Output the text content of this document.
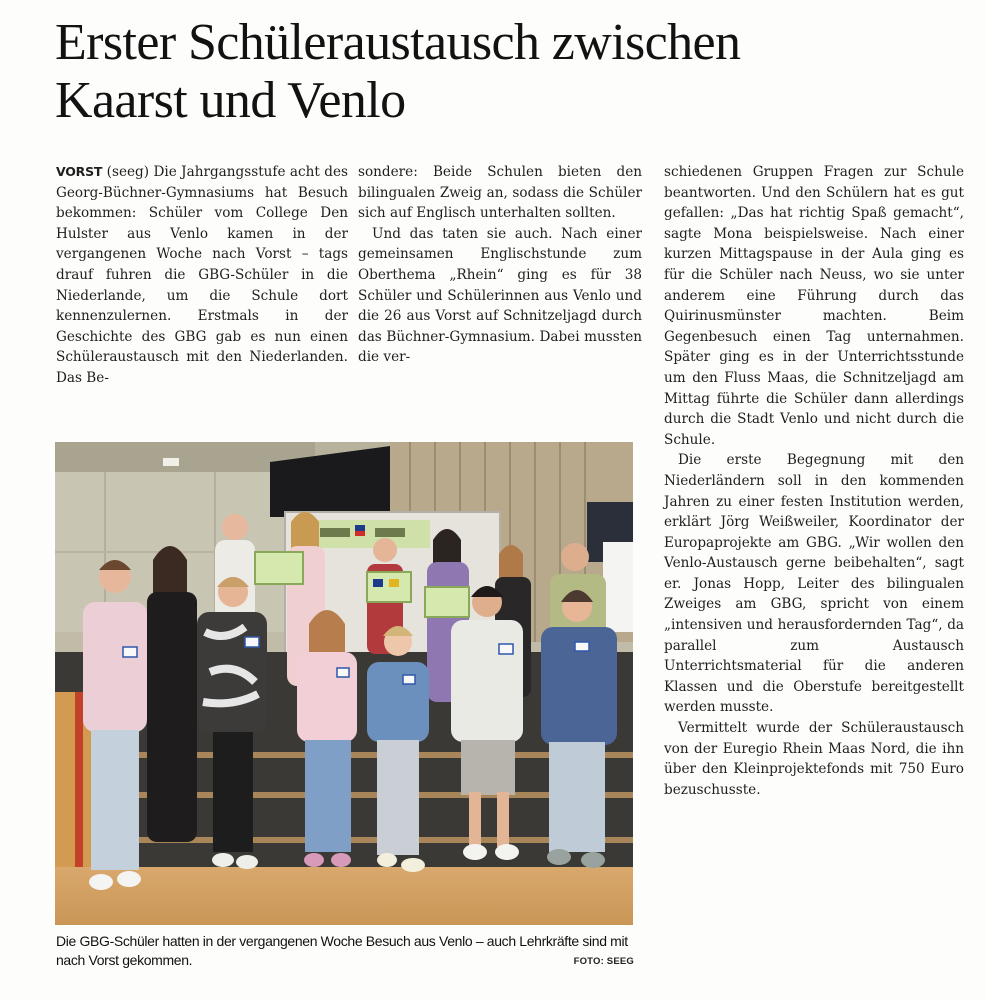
Erster Schüleraustausch zwischen Kaarst und Venlo

VORST (seeg) Die Jahrgangsstufe acht des Georg-Büchner-Gymnasiums hat Besuch bekommen: Schüler vom College Den Hulster aus Venlo kamen in der vergangenen Woche nach Vorst – tags drauf fuhren die GBG-Schüler in die Niederlande, um die Schule dort kennenzulernen. Erstmals in der Geschichte des GBG gab es nun einen Schüleraustausch mit den Niederlanden. Das Be-

sondere: Beide Schulen bieten den bilingualen Zweig an, sodass die Schüler sich auf Englisch unterhalten sollten.

Und das taten sie auch. Nach einer gemeinsamen Englischstunde zum Oberthema „Rhein“ ging es für 38 Schüler und Schülerinnen aus Venlo und die 26 aus Vorst auf Schnitzeljagd durch das Büchner-Gymnasium. Dabei mussten die ver-

schiedenen Gruppen Fragen zur Schule beantworten. Und den Schülern hat es gut gefallen: „Das hat richtig Spaß gemacht“, sagte Mona beispielsweise. Nach einer kurzen Mittagspause in der Aula ging es für die Schüler nach Neuss, wo sie unter anderem eine Führung durch das Quirinusmünster machten. Beim Gegenbesuch einen Tag unternahmen. Später ging es in der Unterrichtsstunde um den Fluss Maas, die Schnitzeljagd am Mittag führte die Schüler dann allerdings durch die Stadt Venlo und nicht durch die Schule.

Die erste Begegnung mit den Niederländern soll in den kommenden Jahren zu einer festen Institution werden, erklärt Jörg Weißweiler, Koordinator der Europaprojekte am GBG. „Wir wollen den Venlo-Austausch gerne beibehalten“, sagt er. Jonas Hopp, Leiter des bilingualen Zweiges am GBG, spricht von einem „intensiven und herausfordernden Tag“, da parallel zum Austausch Unterrichtsmaterial für die anderen Klassen und die Oberstufe bereitgestellt werden musste.

Vermittelt wurde der Schüleraustausch von der Euregio Rhein Maas Nord, die ihn über den Kleinprojektefonds mit 750 Euro bezuschusste.

Die GBG-Schüler hatten in der vergangenen Woche Besuch aus Venlo – auch Lehrkräfte sind mit nach Vorst gekommen.	FOTO: SEEG
